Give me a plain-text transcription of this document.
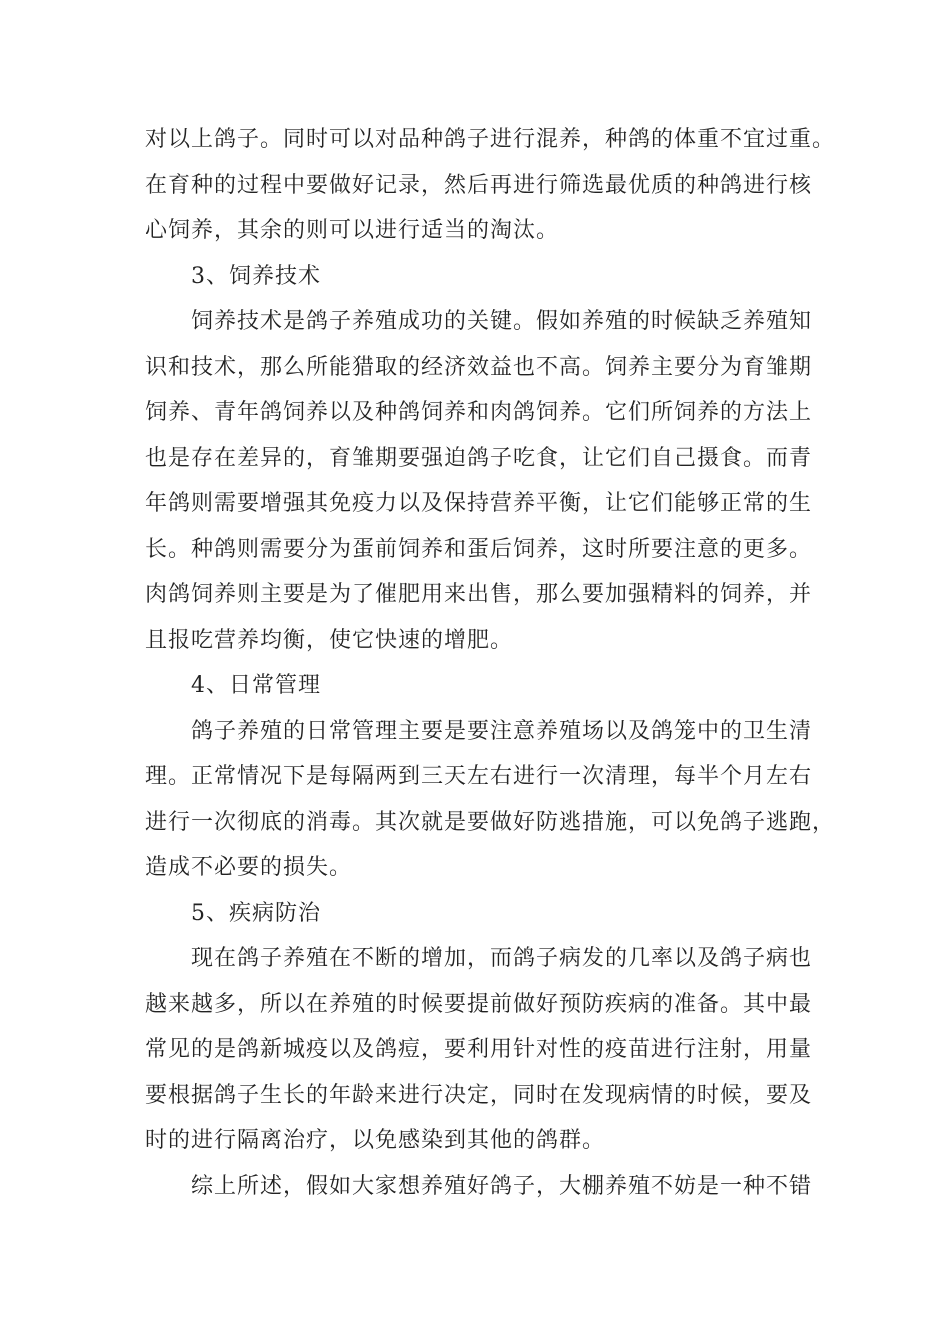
对以上鸽子。同时可以对品种鸽子进行混养，种鸽的体重不宜过重。
在育种的过程中要做好记录，然后再进行筛选最优质的种鸽进行核
心饲养，其余的则可以进行适当的淘汰。
3、饲养技术
饲养技术是鸽子养殖成功的关键。假如养殖的时候缺乏养殖知
识和技术，那么所能猎取的经济效益也不高。饲养主要分为育雏期
饲养、青年鸽饲养以及种鸽饲养和肉鸽饲养。它们所饲养的方法上
也是存在差异的，育雏期要强迫鸽子吃食，让它们自己摄食。而青
年鸽则需要增强其免疫力以及保持营养平衡，让它们能够正常的生
长。种鸽则需要分为蛋前饲养和蛋后饲养，这时所要注意的更多。
肉鸽饲养则主要是为了催肥用来出售，那么要加强精料的饲养，并
且报吃营养均衡，使它快速的增肥。
4、日常管理
鸽子养殖的日常管理主要是要注意养殖场以及鸽笼中的卫生清
理。正常情况下是每隔两到三天左右进行一次清理，每半个月左右
进行一次彻底的消毒。其次就是要做好防逃措施，可以免鸽子逃跑，
造成不必要的损失。
5、疾病防治
现在鸽子养殖在不断的增加，而鸽子病发的几率以及鸽子病也
越来越多，所以在养殖的时候要提前做好预防疾病的准备。其中最
常见的是鸽新城疫以及鸽痘，要利用针对性的疫苗进行注射，用量
要根据鸽子生长的年龄来进行决定，同时在发现病情的时候，要及
时的进行隔离治疗，以免感染到其他的鸽群。
综上所述，假如大家想养殖好鸽子，大棚养殖不妨是一种不错
